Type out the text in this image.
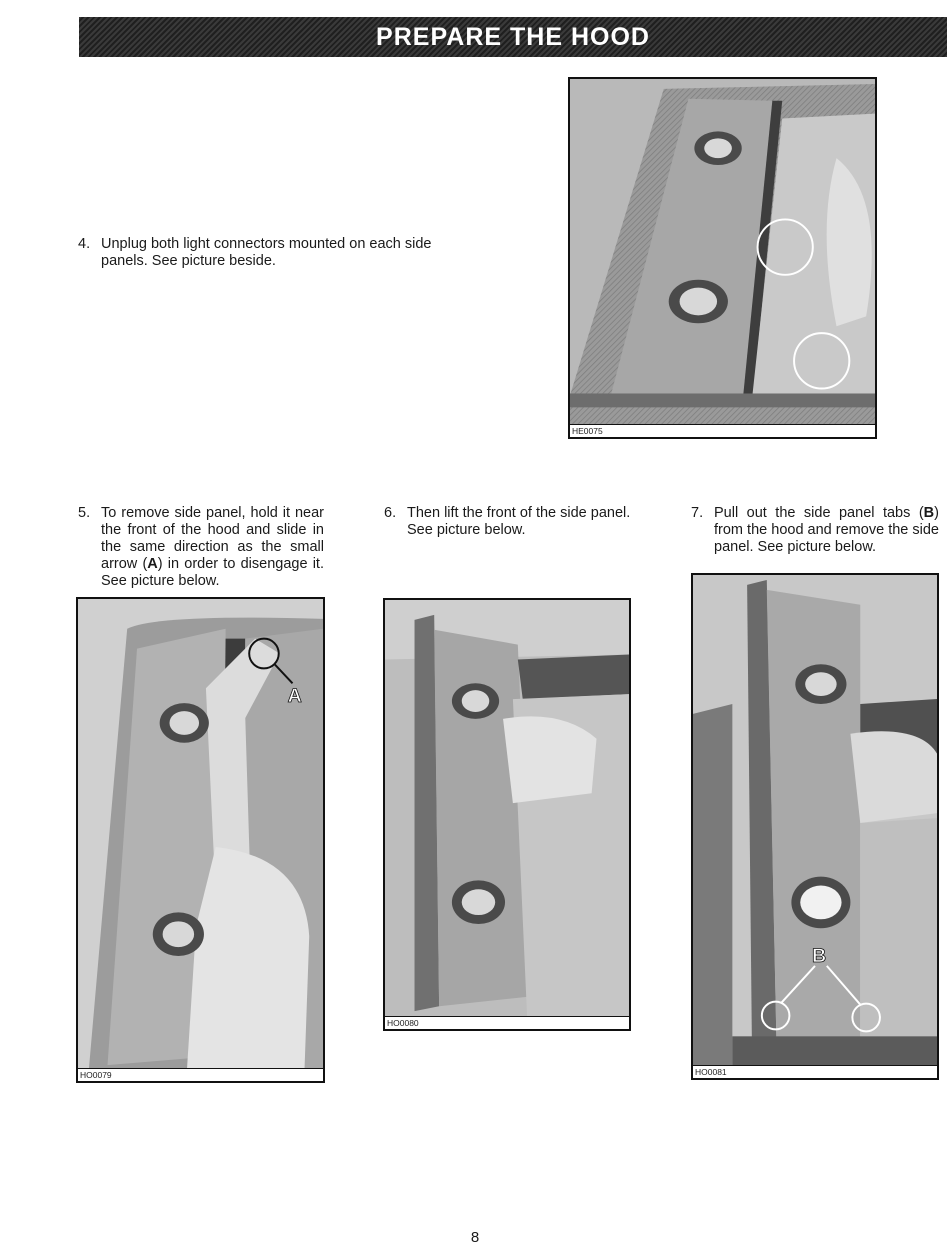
PREPARE THE HOOD

4. Unplug both light connectors mounted on each side panels. See picture beside.

HE0075

5. To remove side panel, hold it near the front of the hood and slide in the same direction as the small arrow (A) in order to disengage it. See picture below.

6. Then lift the front of the side panel. See picture below.

7. Pull out the side panel tabs (B) from the hood and remove the side panel. See picture below.

A
HO0079
HO0080
B
HO0081
8
